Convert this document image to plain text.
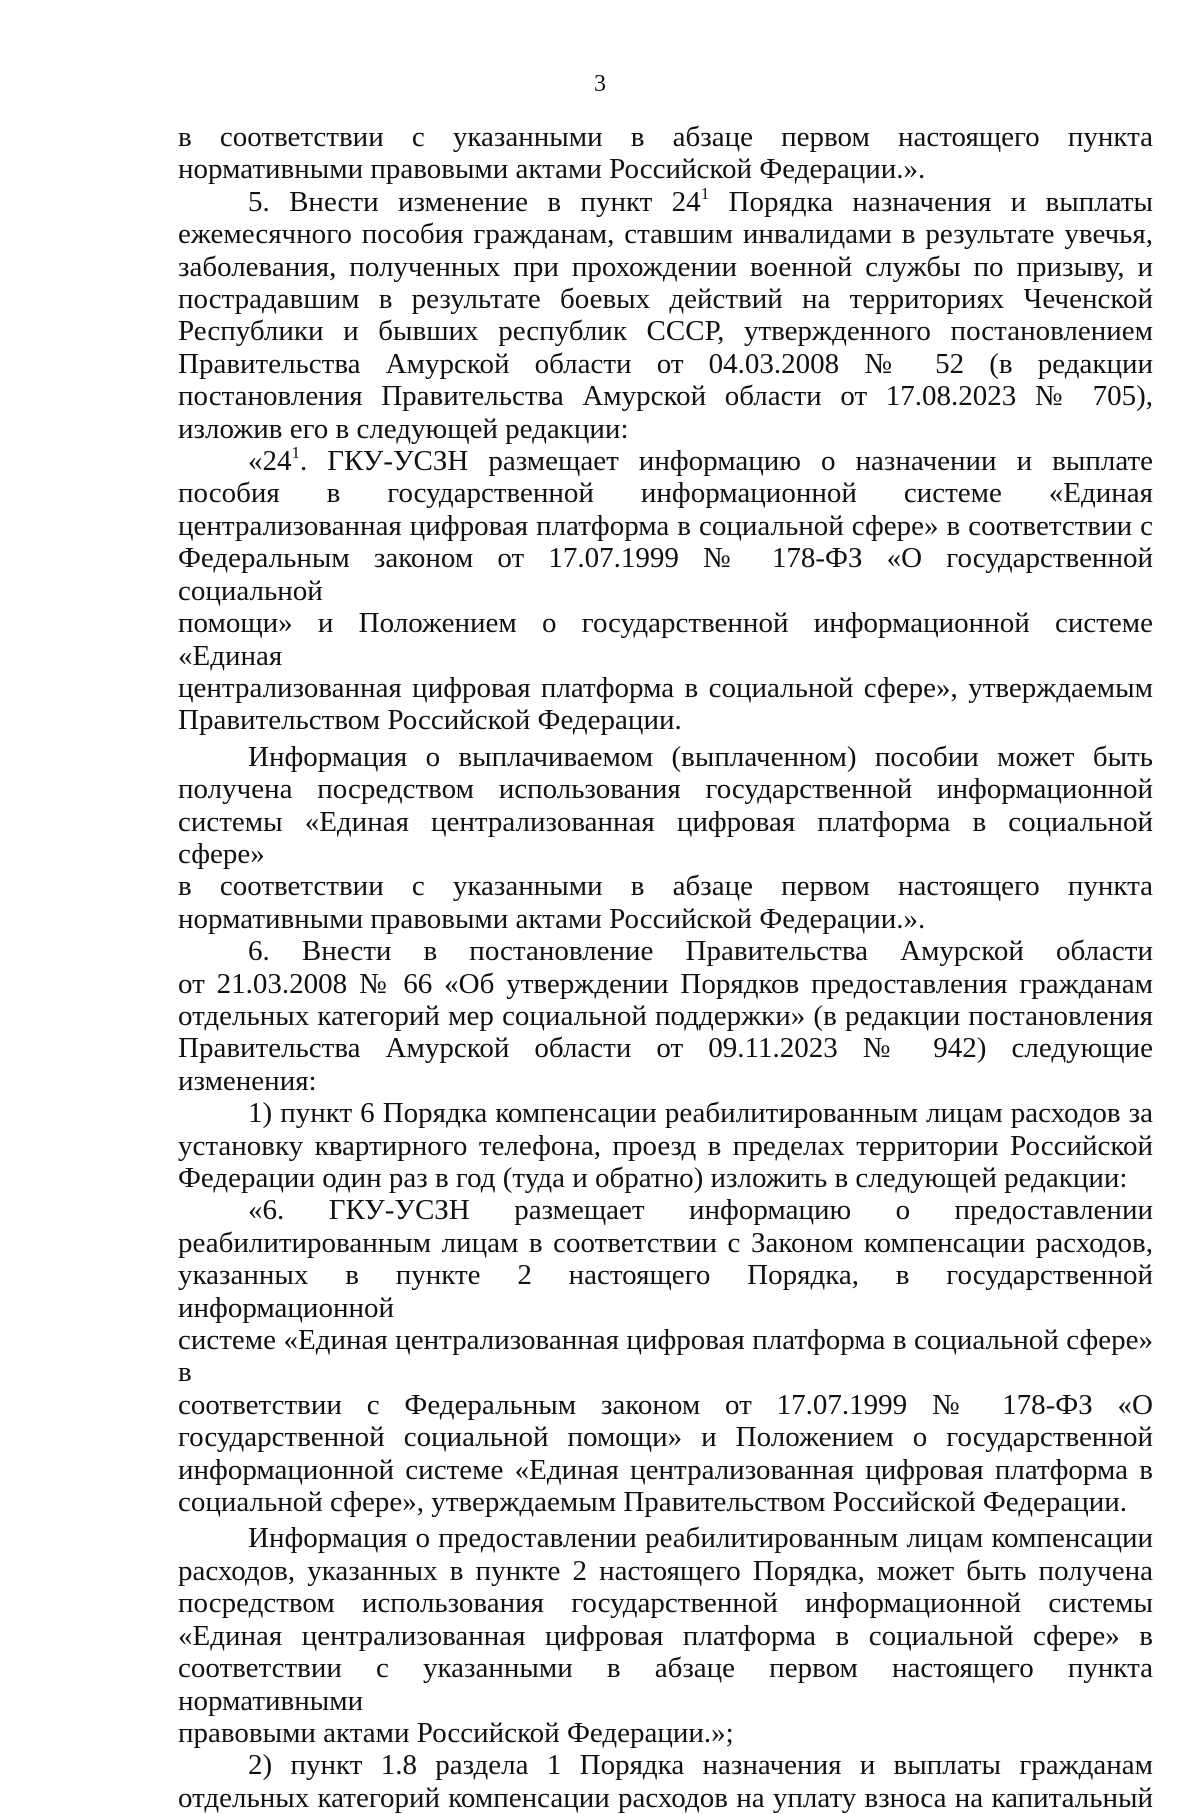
3
в соответствии с указанными в абзаце первом настоящего пункта
нормативными правовыми актами Российской Федерации.».
5. Внести изменение в пункт $24^1$ Порядка назначения и выплаты
ежемесячного пособия гражданам, ставшим инвалидами в результате увечья,
заболевания, полученных при прохождении военной службы по призыву, и
пострадавшим в результате боевых действий на территориях Чеченской
Республики и бывших республик СССР, утвержденного постановлением
Правительства Амурской области от 04.03.2008 № 52 (в редакции
постановления Правительства Амурской области от 17.08.2023 № 705),
изложив его в следующей редакции:
«$24^1$. ГКУ-УСЗН размещает информацию о назначении и выплате
пособия в государственной информационной системе «Единая
централизованная цифровая платформа в социальной сфере» в соответствии с
Федеральным законом от 17.07.1999 № 178-ФЗ «О государственной социальной
помощи» и Положением о государственной информационной системе «Единая
централизованная цифровая платформа в социальной сфере», утверждаемым
Правительством Российской Федерации.
Информация о выплачиваемом (выплаченном) пособии может быть
получена посредством использования государственной информационной
системы «Единая централизованная цифровая платформа в социальной сфере»
в соответствии с указанными в абзаце первом настоящего пункта
нормативными правовыми актами Российской Федерации.».
6. Внести в постановление Правительства Амурской области
от 21.03.2008 № 66 «Об утверждении Порядков предоставления гражданам
отдельных категорий мер социальной поддержки» (в редакции постановления
Правительства Амурской области от 09.11.2023 № 942) следующие изменения:
1) пункт 6 Порядка компенсации реабилитированным лицам расходов за
установку квартирного телефона, проезд в пределах территории Российской
Федерации один раз в год (туда и обратно) изложить в следующей редакции:
«6. ГКУ-УСЗН размещает информацию о предоставлении
реабилитированным лицам в соответствии с Законом компенсации расходов,
указанных в пункте 2 настоящего Порядка, в государственной информационной
системе «Единая централизованная цифровая платформа в социальной сфере» в
соответствии с Федеральным законом от 17.07.1999 № 178-ФЗ «О
государственной социальной помощи» и Положением о государственной
информационной системе «Единая централизованная цифровая платформа в
социальной сфере», утверждаемым Правительством Российской Федерации.
Информация о предоставлении реабилитированным лицам компенсации
расходов, указанных в пункте 2 настоящего Порядка, может быть получена
посредством использования государственной информационной системы
«Единая централизованная цифровая платформа в социальной сфере» в
соответствии с указанными в абзаце первом настоящего пункта нормативными
правовыми актами Российской Федерации.»;
2) пункт 1.8 раздела 1 Порядка назначения и выплаты гражданам
отдельных категорий компенсации расходов на уплату взноса на капитальный
